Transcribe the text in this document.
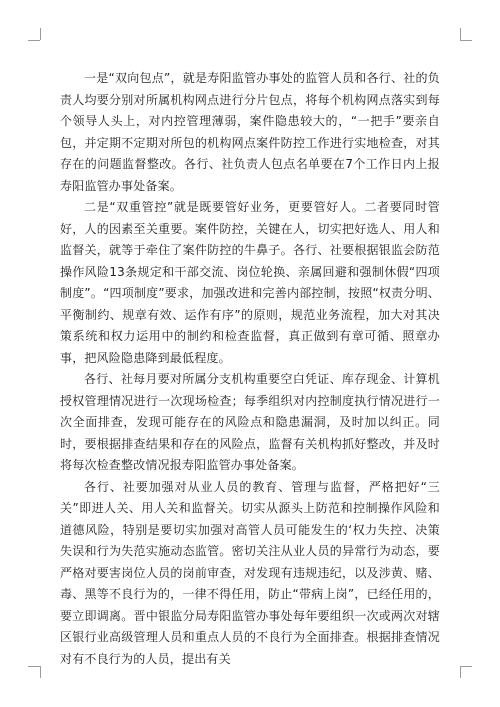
一是“双向包点”，就是寿阳监管办事处的监管人员和各行、社的负责人均要分别对所属机构网点进行分片包点，将每个机构网点落实到每个领导人头上，对内控管理薄弱，案件隐患较大的，“一把手”要亲自包，并定期不定期对所包的机构网点案件防控工作进行实地检查，对其存在的问题监督整改。各行、社负责人包点名单要在7个工作日内上报寿阳监管办事处备案。

二是“双重管控”就是既要管好业务，更要管好人。二者要同时管好，人的因素至关重要。案件防控，关键在人，切实把好选人、用人和监督关，就等于牵住了案件防控的牛鼻子。各行、社要根据银监会防范操作风险13条规定和干部交流、岗位轮换、亲属回避和强制休假“四项制度”。“四项制度”要求，加强改进和完善内部控制，按照“权责分明、平衡制约、规章有效、运作有序”的原则，规范业务流程，加大对其决策系统和权力运用中的制约和检查监督，真正做到有章可循、照章办事，把风险隐患降到最低程度。

各行、社每月要对所属分支机构重要空白凭证、库存现金、计算机授权管理情况进行一次现场检查；每季组织对内控制度执行情况进行一次全面排查，发现可能存在的风险点和隐患漏洞，及时加以纠正。同时，要根据排查结果和存在的风险点，监督有关机构抓好整改，并及时将每次检查整改情况报寿阳监管办事处备案。

各行、社要加强对从业人员的教育、管理与监督，严格把好“三关”即进人关、用人关和监督关。切实从源头上防范和控制操作风险和道德风险，特别是要切实加强对高管人员可能发生的‘权力失控、决策失误和行为失范实施动态监管。密切关注从业人员的异常行为动态，要严格对要害岗位人员的岗前审查，对发现有违规违纪，以及涉黄、赌、毒、黑等不良行为的，一律不得任用，防止“带病上岗”，已经任用的，要立即调离。晋中银监分局寿阳监管办事处每年要组织一次或两次对辖区银行业高级管理人员和重点人员的不良行为全面排查。根据排查情况对有不良行为的人员，提出有关
